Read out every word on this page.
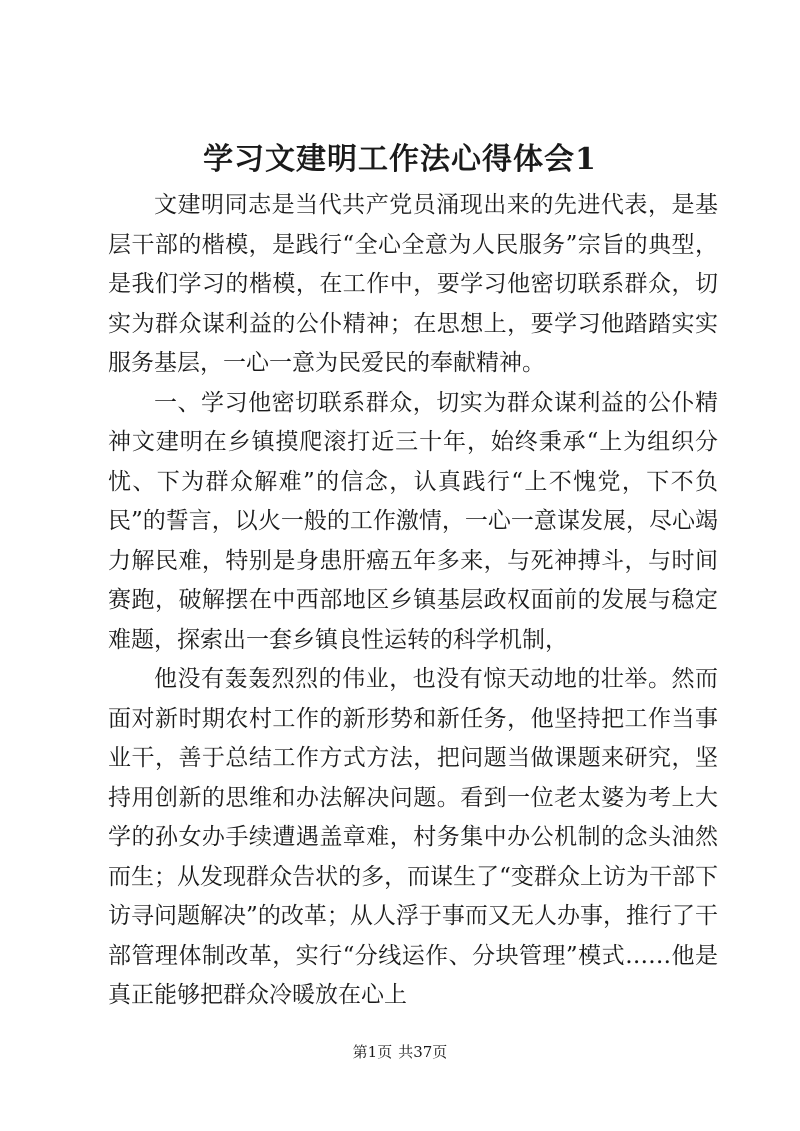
学习文建明工作法心得体会1

文建明同志是当代共产党员涌现出来的先进代表，是基层干部的楷模，是践行“全心全意为人民服务”宗旨的典型，是我们学习的楷模，在工作中，要学习他密切联系群众，切实为群众谋利益的公仆精神；在思想上，要学习他踏踏实实服务基层，一心一意为民爱民的奉献精神。

一、学习他密切联系群众，切实为群众谋利益的公仆精神文建明在乡镇摸爬滚打近三十年，始终秉承“上为组织分忧、下为群众解难”的信念，认真践行“上不愧党，下不负民”的誓言，以火一般的工作激情，一心一意谋发展，尽心竭力解民难，特别是身患肝癌五年多来，与死神搏斗，与时间赛跑，破解摆在中西部地区乡镇基层政权面前的发展与稳定难题，探索出一套乡镇良性运转的科学机制，

他没有轰轰烈烈的伟业，也没有惊天动地的壮举。然而面对新时期农村工作的新形势和新任务，他坚持把工作当事业干，善于总结工作方式方法，把问题当做课题来研究，坚持用创新的思维和办法解决问题。看到一位老太婆为考上大学的孙女办手续遭遇盖章难，村务集中办公机制的念头油然而生；从发现群众告状的多，而谋生了“变群众上访为干部下访寻问题解决”的改革；从人浮于事而又无人办事，推行了干部管理体制改革，实行“分线运作、分块管理”模式……他是真正能够把群众冷暖放在心上

第1页 共37页
